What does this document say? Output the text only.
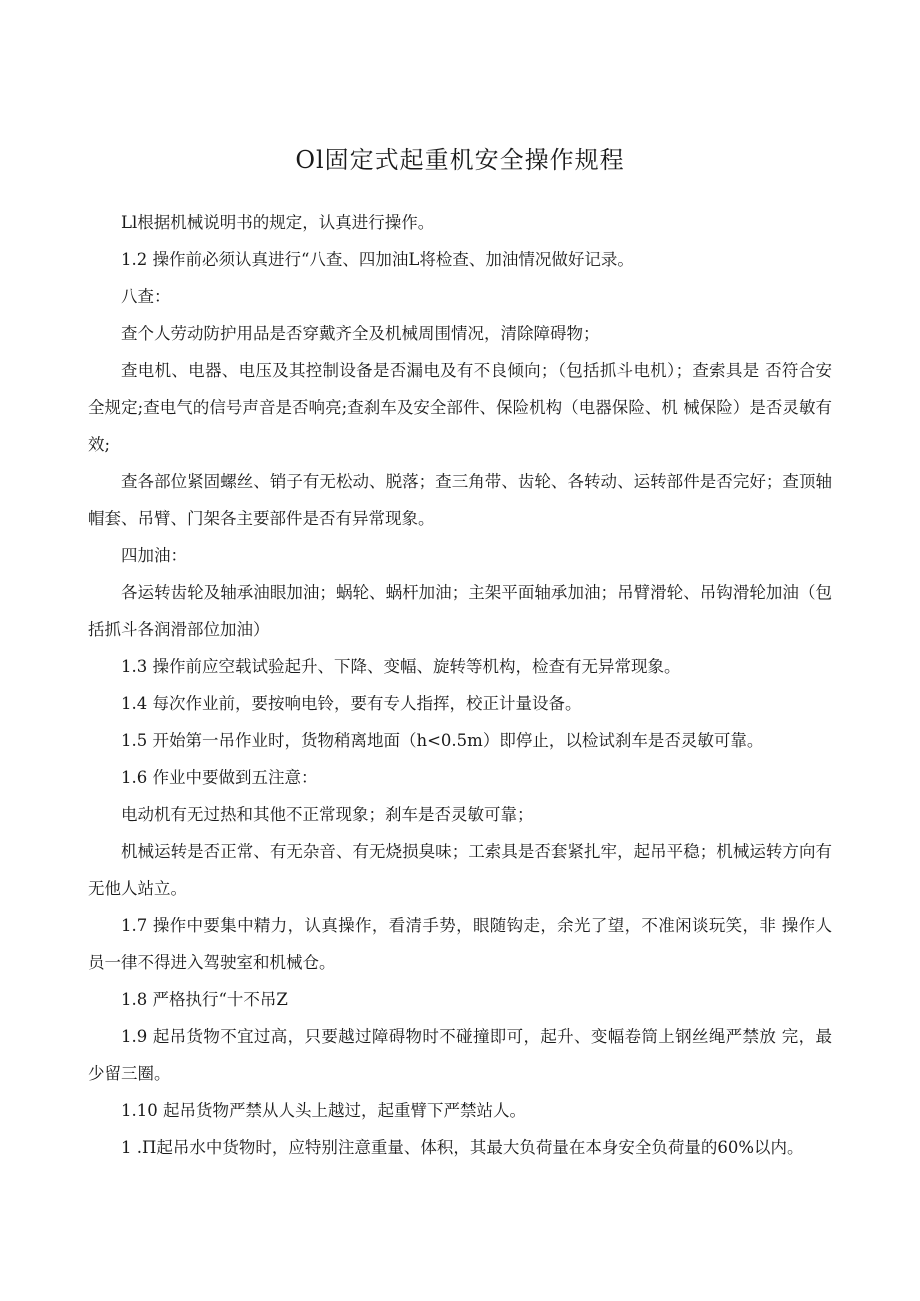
Ol固定式起重机安全操作规程

Ll根据机械说明书的规定，认真进行操作。

1.2 操作前必须认真进行“八查、四加油L将检查、加油情况做好记录。

八查：

查个人劳动防护用品是否穿戴齐全及机械周围情况，清除障碍物；

查电机、电器、电压及其控制设备是否漏电及有不良倾向；（包括抓斗电机）；查索具是 否符合安全规定;查电气的信号声音是否响亮;查刹车及安全部件、保险机构（电器保险、机 械保险）是否灵敏有效;

查各部位紧固螺丝、销子有无松动、脱落；查三角带、齿轮、各转动、运转部件是否完好；查顶轴帽套、吊臂、门架各主要部件是否有异常现象。

四加油：

各运转齿轮及轴承油眼加油；蜗轮、蜗杆加油；主架平面轴承加油；吊臂滑轮、吊钩滑轮加油（包括抓斗各润滑部位加油）

1.3 操作前应空载试验起升、下降、变幅、旋转等机构，检查有无异常现象。

1.4 每次作业前，要按响电铃，要有专人指挥，校正计量设备。

1.5 开始第一吊作业时，货物稍离地面（h<0.5m）即停止，以检试刹车是否灵敏可靠。

1.6 作业中要做到五注意：

电动机有无过热和其他不正常现象；刹车是否灵敏可靠；

机械运转是否正常、有无杂音、有无烧损臭味；工索具是否套紧扎牢，起吊平稳；机械运转方向有无他人站立。

1.7 操作中要集中精力，认真操作，看清手势，眼随钩走，余光了望，不准闲谈玩笑，非 操作人员一律不得进入驾驶室和机械仓。

1.8 严格执行“十不吊Z

1.9 起吊货物不宜过高，只要越过障碍物时不碰撞即可，起升、变幅卷筒上钢丝绳严禁放 完，最少留三圈。

1.10 起吊货物严禁从人头上越过，起重臂下严禁站人。

1 .Π起吊水中货物时，应特别注意重量、体积，其最大负荷量在本身安全负荷量的60%以内。
